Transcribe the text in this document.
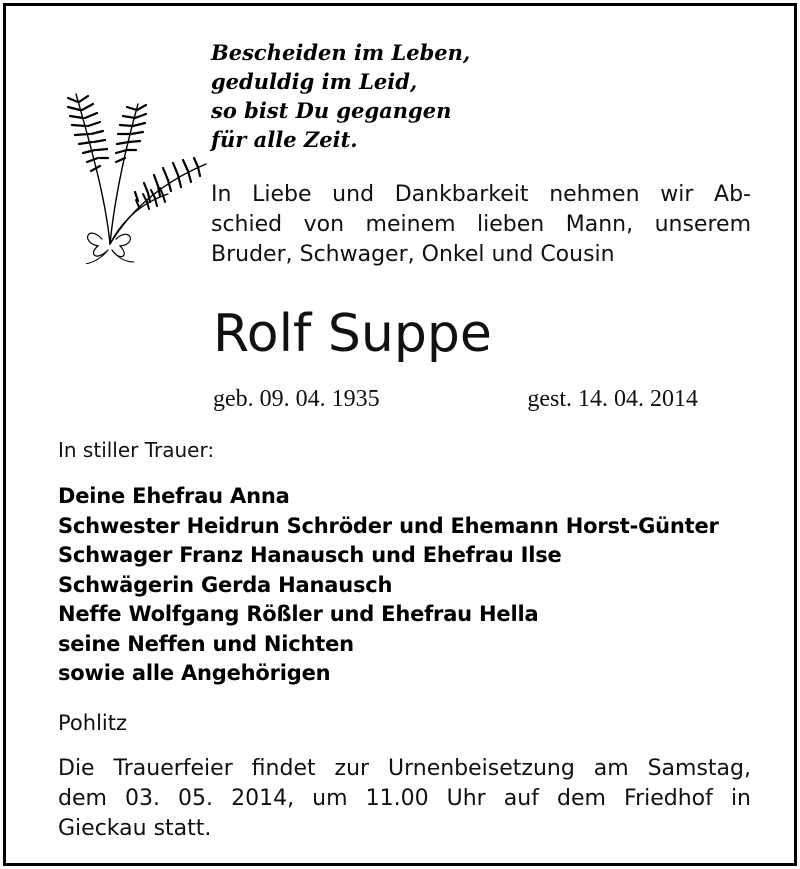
Bescheiden im Leben,
geduldig im Leid,
so bist Du gegangen
für alle Zeit.
In Liebe und Dankbarkeit nehmen wir Ab-
schied von meinem lieben Mann, unserem
Bruder, Schwager, Onkel und Cousin
Rolf Suppe
geb. 09. 04. 1935	gest. 14. 04. 2014
In stiller Trauer:
Deine Ehefrau Anna
Schwester Heidrun Schröder und Ehemann Horst-Günter
Schwager Franz Hanausch und Ehefrau Ilse
Schwägerin Gerda Hanausch
Neffe Wolfgang Rößler und Ehefrau Hella
seine Neffen und Nichten
sowie alle Angehörigen
Pohlitz
Die Trauerfeier findet zur Urnenbeisetzung am Samstag,
dem 03. 05. 2014, um 11.00 Uhr auf dem Friedhof in
Gieckau statt.
